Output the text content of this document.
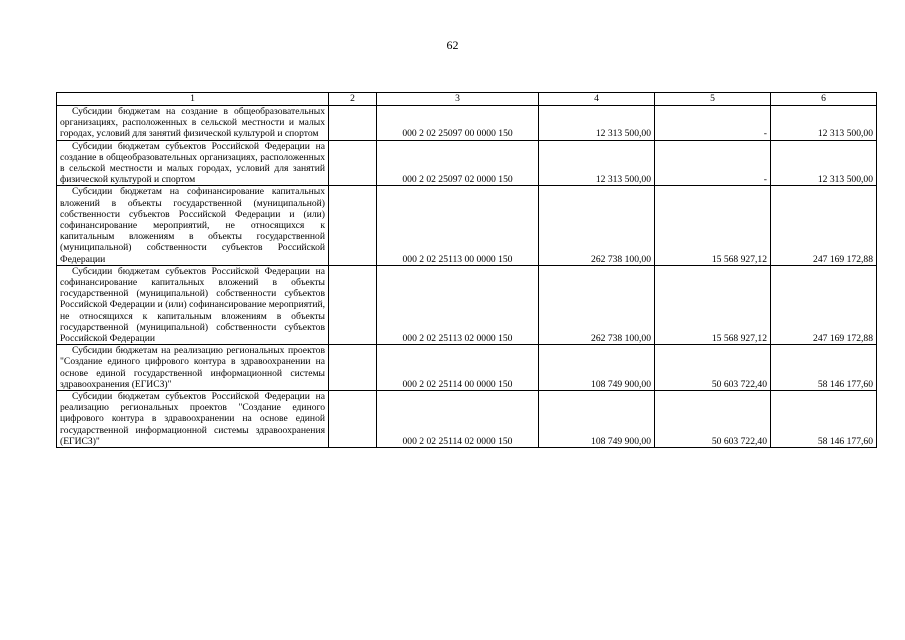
62
1	2	3	4	5	6
Субсидии бюджетам на создание в общеобразовательных организациях, расположенных в сельской местности и малых городах, условий для занятий физической культурой и спортом		000 2 02 25097 00 0000 150	12 313 500,00	-	12 313 500,00
Субсидии бюджетам субъектов Российской Федерации на создание в общеобразовательных организациях, расположенных в сельской местности и малых городах, условий для занятий физической культурой и спортом		000 2 02 25097 02 0000 150	12 313 500,00	-	12 313 500,00
Субсидии бюджетам на софинансирование капитальных вложений в объекты государственной (муниципальной) собственности субъектов Российской Федерации и (или) софинансирование мероприятий, не относящихся к капитальным вложениям в объекты государственной (муниципальной) собственности субъектов Российской Федерации		000 2 02 25113 00 0000 150	262 738 100,00	15 568 927,12	247 169 172,88
Субсидии бюджетам субъектов Российской Федерации на софинансирование капитальных вложений в объекты государственной (муниципальной) собственности субъектов Российской Федерации и (или) софинансирование мероприятий, не относящихся к капитальным вложениям в объекты государственной (муниципальной) собственности субъектов Российской Федерации		000 2 02 25113 02 0000 150	262 738 100,00	15 568 927,12	247 169 172,88
Субсидии бюджетам на реализацию региональных проектов "Создание единого цифрового контура в здравоохранении на основе единой государственной информационной системы здравоохранения (ЕГИСЗ)"		000 2 02 25114 00 0000 150	108 749 900,00	50 603 722,40	58 146 177,60
Субсидии бюджетам субъектов Российской Федерации на реализацию региональных проектов "Создание единого цифрового контура в здравоохранении на основе единой государственной информационной системы здравоохранения (ЕГИСЗ)"		000 2 02 25114 02 0000 150	108 749 900,00	50 603 722,40	58 146 177,60
